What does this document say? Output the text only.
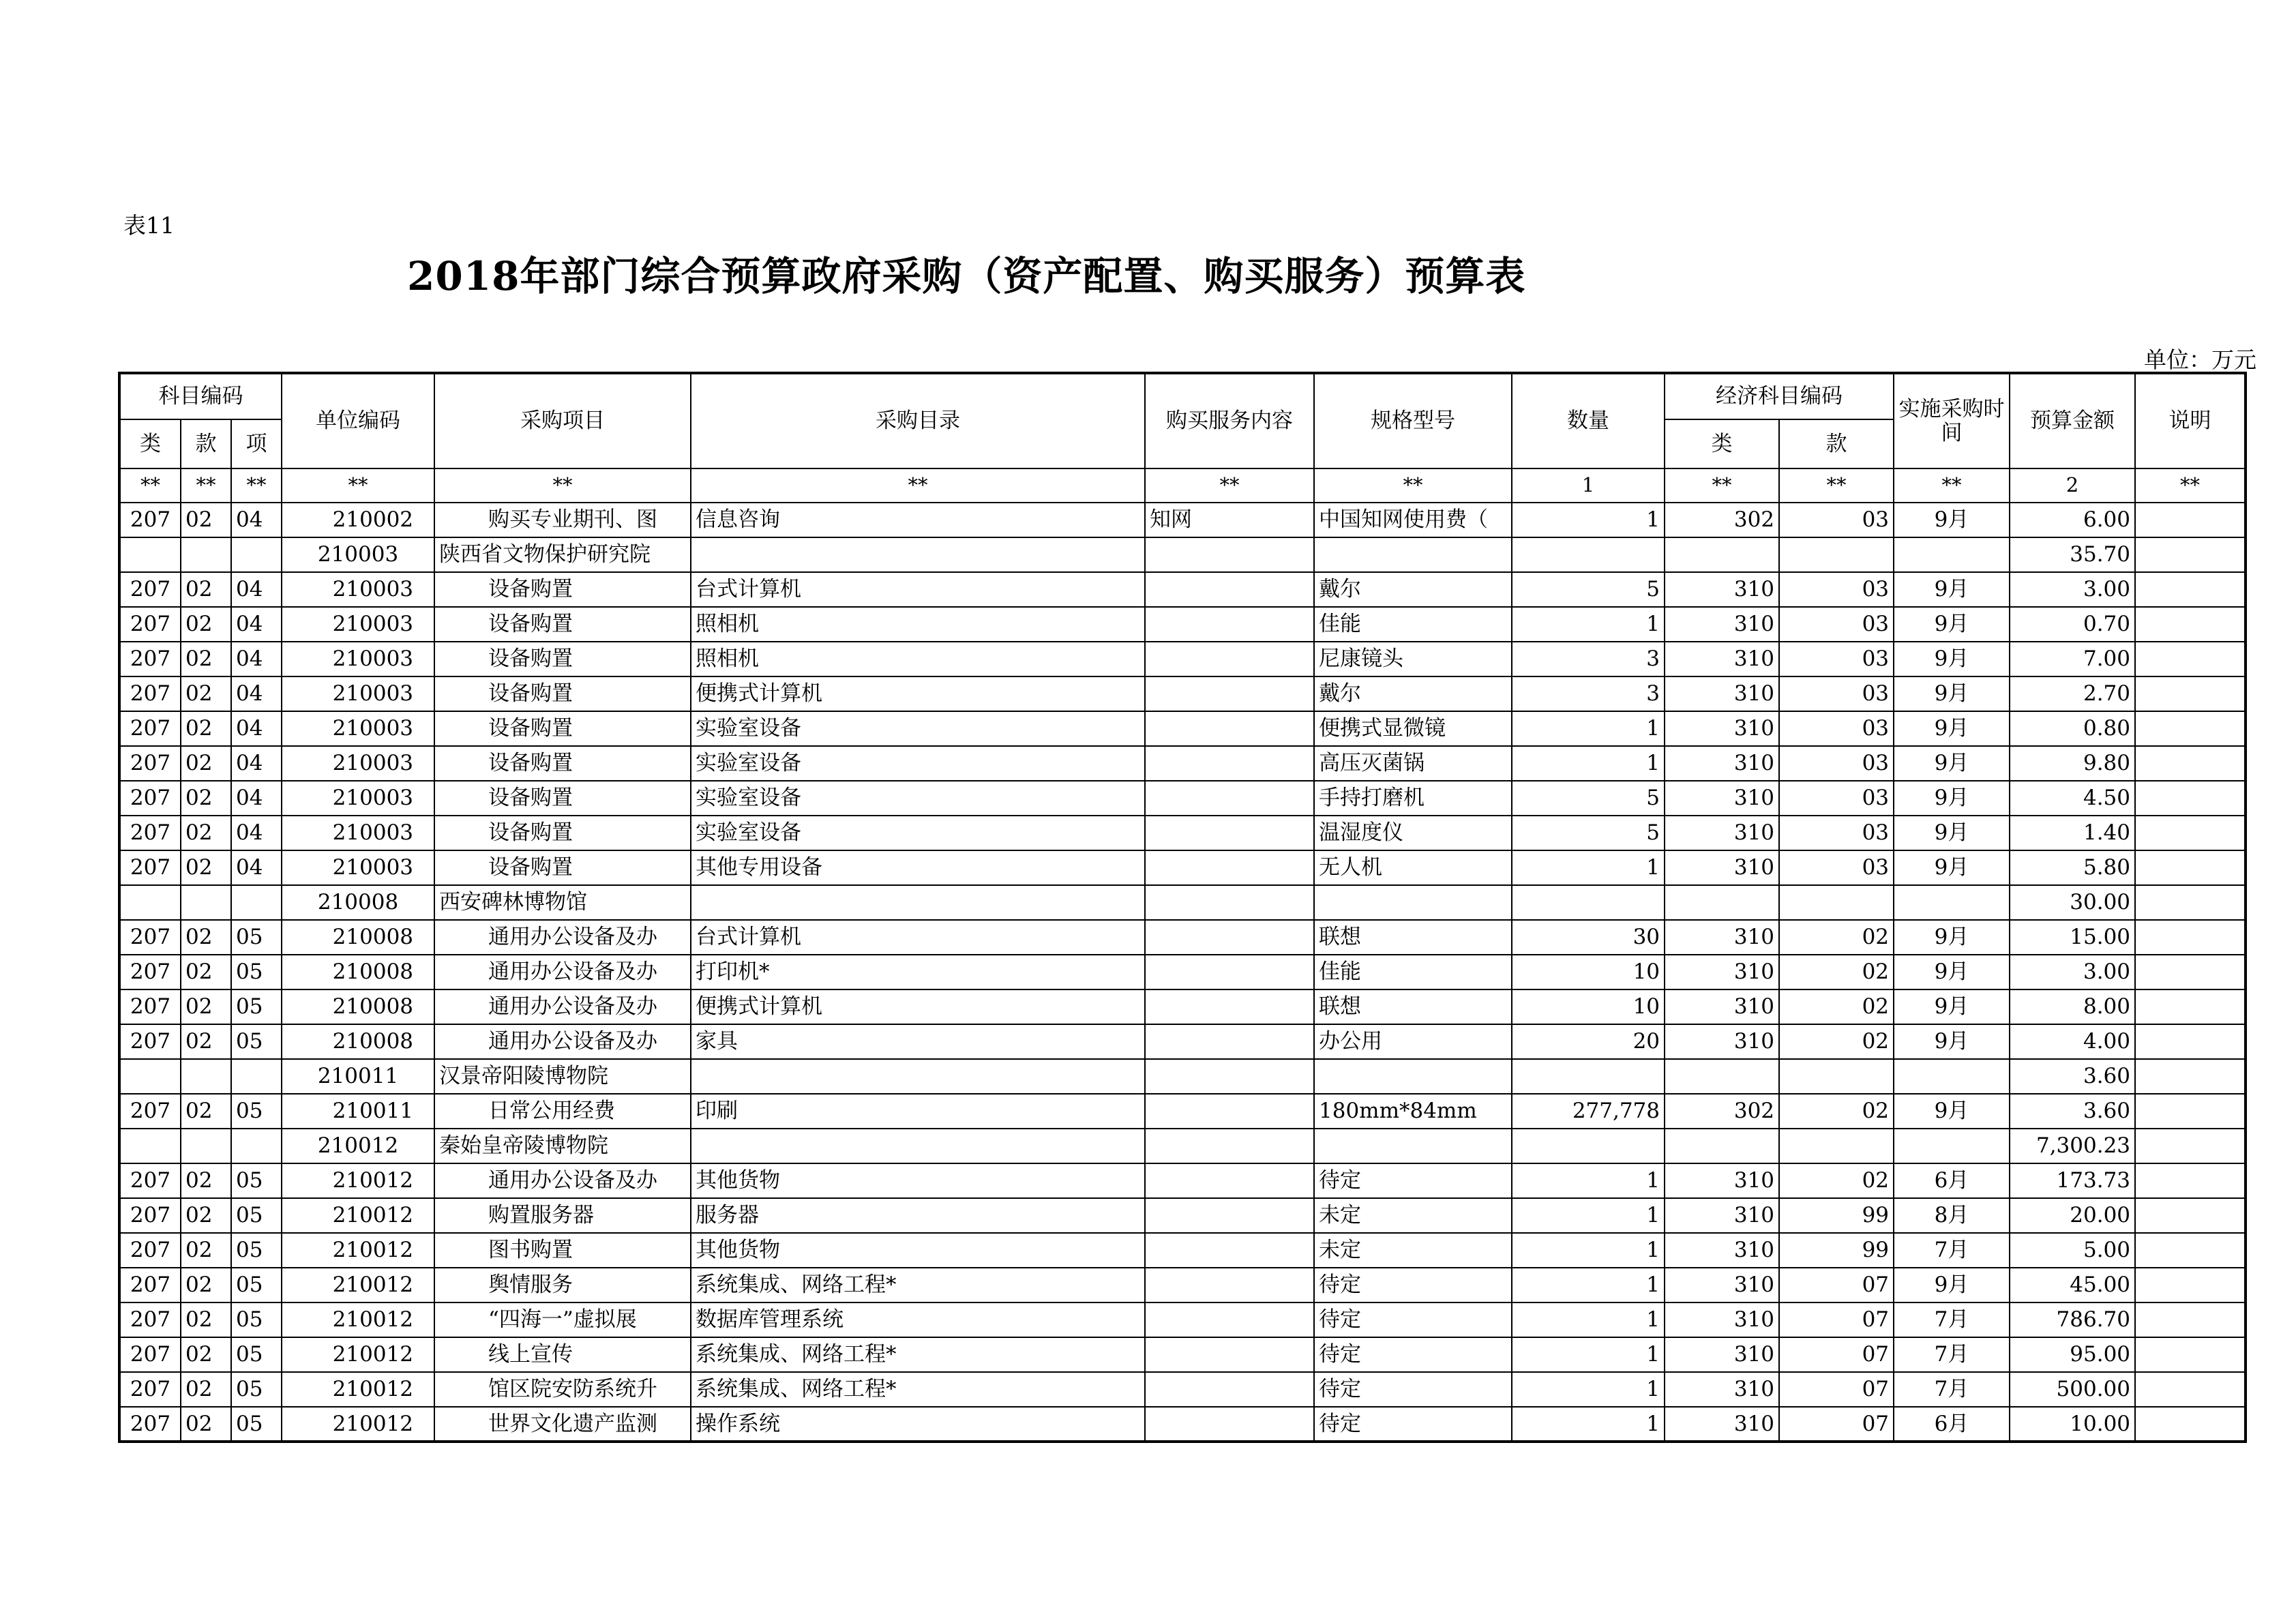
表11
2018年部门综合预算政府采购（资产配置、购买服务）预算表
单位：万元
科目编码			单位编码	采购项目	采购目录	购买服务内容	规格型号	数量	经济科目编码		实施采购时间	预算金额	说明
类	款	项							类	款			
**	**	**	**	**	**	**	**	1	**	**	**	2	**
207	02	04	210002	购买专业期刊、图	信息咨询	知网	中国知网使用费（	1	302	03	9月	6.00	
			210003	陕西省文物保护研究院								35.70	
207	02	04	210003	设备购置	台式计算机		戴尔	5	310	03	9月	3.00	
207	02	04	210003	设备购置	照相机		佳能	1	310	03	9月	0.70	
207	02	04	210003	设备购置	照相机		尼康镜头	3	310	03	9月	7.00	
207	02	04	210003	设备购置	便携式计算机		戴尔	3	310	03	9月	2.70	
207	02	04	210003	设备购置	实验室设备		便携式显微镜	1	310	03	9月	0.80	
207	02	04	210003	设备购置	实验室设备		高压灭菌锅	1	310	03	9月	9.80	
207	02	04	210003	设备购置	实验室设备		手持打磨机	5	310	03	9月	4.50	
207	02	04	210003	设备购置	实验室设备		温湿度仪	5	310	03	9月	1.40	
207	02	04	210003	设备购置	其他专用设备		无人机	1	310	03	9月	5.80	
			210008	西安碑林博物馆								30.00	
207	02	05	210008	通用办公设备及办	台式计算机		联想	30	310	02	9月	15.00	
207	02	05	210008	通用办公设备及办	打印机*		佳能	10	310	02	9月	3.00	
207	02	05	210008	通用办公设备及办	便携式计算机		联想	10	310	02	9月	8.00	
207	02	05	210008	通用办公设备及办	家具		办公用	20	310	02	9月	4.00	
			210011	汉景帝阳陵博物院								3.60	
207	02	05	210011	日常公用经费	印刷		180mm*84mm	277,778	302	02	9月	3.60	
			210012	秦始皇帝陵博物院								7,300.23	
207	02	05	210012	通用办公设备及办	其他货物		待定	1	310	02	6月	173.73	
207	02	05	210012	购置服务器	服务器		未定	1	310	99	8月	20.00	
207	02	05	210012	图书购置	其他货物		未定	1	310	99	7月	5.00	
207	02	05	210012	舆情服务	系统集成、网络工程*		待定	1	310	07	9月	45.00	
207	02	05	210012	“四海一”虚拟展	数据库管理系统		待定	1	310	07	7月	786.70	
207	02	05	210012	线上宣传	系统集成、网络工程*		待定	1	310	07	7月	95.00	
207	02	05	210012	馆区院安防系统升	系统集成、网络工程*		待定	1	310	07	7月	500.00	
207	02	05	210012	世界文化遗产监测	操作系统		待定	1	310	07	6月	10.00	
